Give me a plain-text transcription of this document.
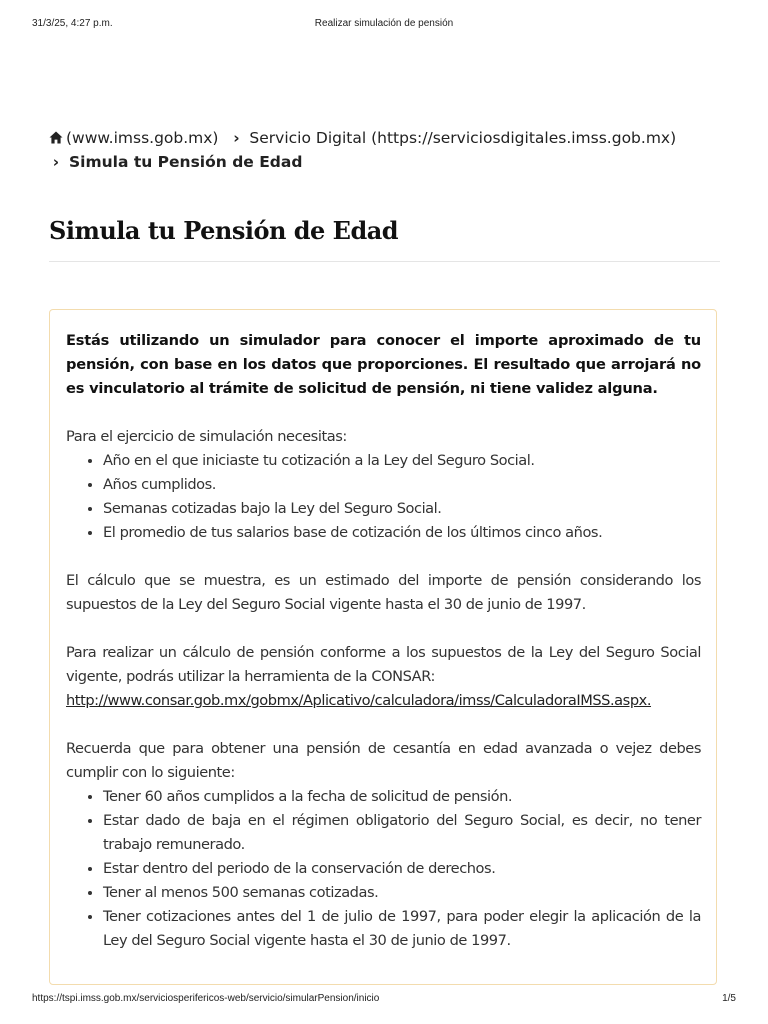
31/3/25, 4:27 p.m.	Realizar simulación de pensión
(www.imss.gob.mx) › Servicio Digital (https://serviciosdigitales.imss.gob.mx)
› Simula tu Pensión de Edad
Simula tu Pensión de Edad

Estás utilizando un simulador para conocer el importe aproximado de tu pensión, con base en los datos que proporciones. El resultado que arrojará no es vinculatorio al trámite de solicitud de pensión, ni tiene validez alguna.

Para el ejercicio de simulación necesitas:

• Año en el que iniciaste tu cotización a la Ley del Seguro Social.
• Años cumplidos.
• Semanas cotizadas bajo la Ley del Seguro Social.
• El promedio de tus salarios base de cotización de los últimos cinco años.

El cálculo que se muestra, es un estimado del importe de pensión considerando los supuestos de la Ley del Seguro Social vigente hasta el 30 de junio de 1997.

Para realizar un cálculo de pensión conforme a los supuestos de la Ley del Seguro Social vigente, podrás utilizar la herramienta de la CONSAR:
http://www.consar.gob.mx/gobmx/Aplicativo/calculadora/imss/CalculadoraIMSS.aspx.

Recuerda que para obtener una pensión de cesantía en edad avanzada o vejez debes cumplir con lo siguiente:

• Tener 60 años cumplidos a la fecha de solicitud de pensión.
• Estar dado de baja en el régimen obligatorio del Seguro Social, es decir, no tener trabajo remunerado.
• Estar dentro del periodo de la conservación de derechos.
• Tener al menos 500 semanas cotizadas.
• Tener cotizaciones antes del 1 de julio de 1997, para poder elegir la aplicación de la Ley del Seguro Social vigente hasta el 30 de junio de 1997.
https://tspi.imss.gob.mx/serviciosperifericos-web/servicio/simularPension/inicio	1/5
